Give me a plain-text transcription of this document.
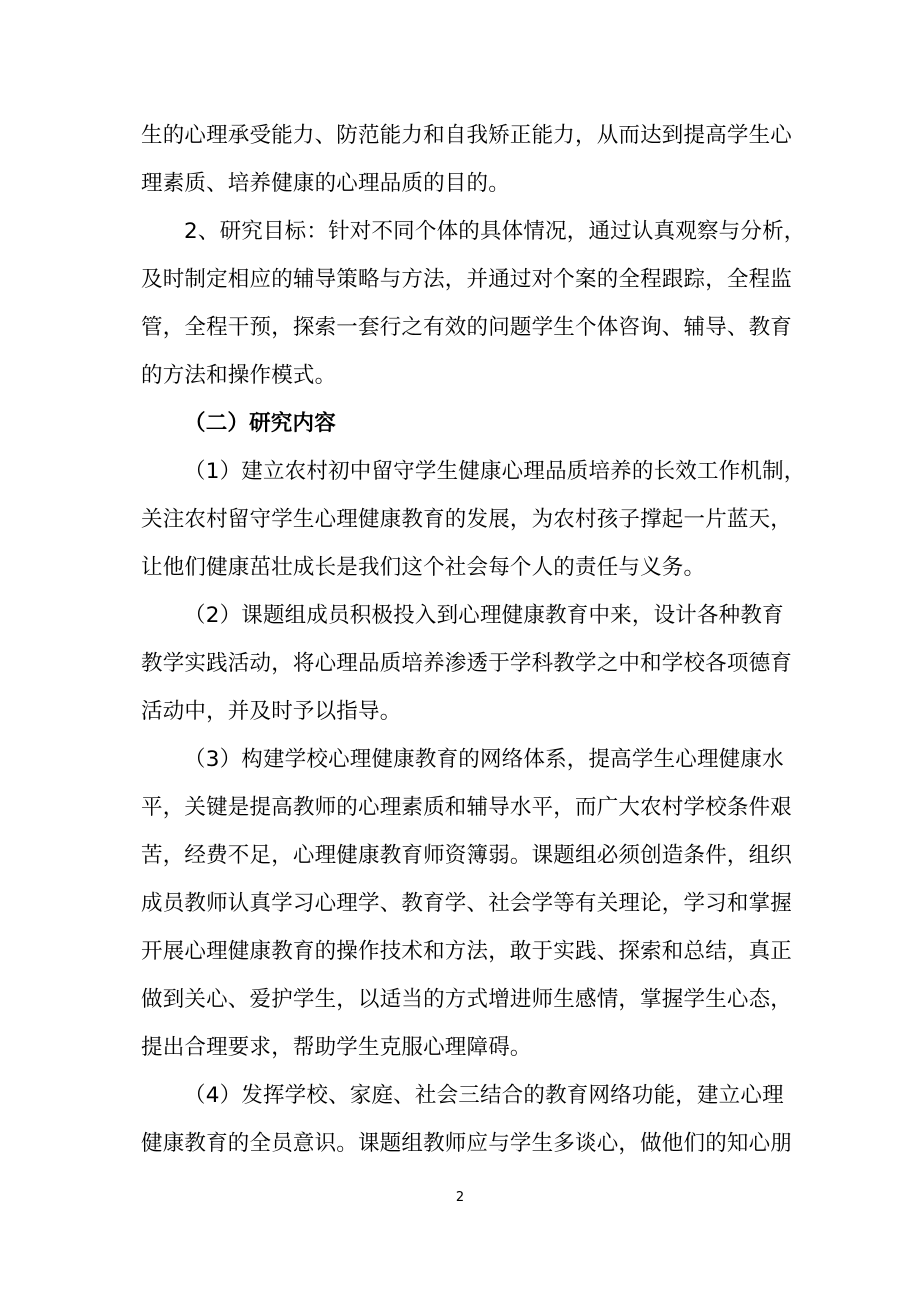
生的心理承受能力、防范能力和自我矫正能力，从而达到提高学生心
理素质、培养健康的心理品质的目的。
2、研究目标：针对不同个体的具体情况，通过认真观察与分析，
及时制定相应的辅导策略与方法，并通过对个案的全程跟踪，全程监
管，全程干预，探索一套行之有效的问题学生个体咨询、辅导、教育
的方法和操作模式。
（二）研究内容
（1）建立农村初中留守学生健康心理品质培养的长效工作机制，
关注农村留守学生心理健康教育的发展，为农村孩子撑起一片蓝天，
让他们健康茁壮成长是我们这个社会每个人的责任与义务。
（2）课题组成员积极投入到心理健康教育中来，设计各种教育
教学实践活动，将心理品质培养渗透于学科教学之中和学校各项德育
活动中，并及时予以指导。
（3）构建学校心理健康教育的网络体系，提高学生心理健康水
平，关键是提高教师的心理素质和辅导水平，而广大农村学校条件艰
苦，经费不足，心理健康教育师资簿弱。课题组必须创造条件，组织
成员教师认真学习心理学、教育学、社会学等有关理论，学习和掌握
开展心理健康教育的操作技术和方法，敢于实践、探索和总结，真正
做到关心、爱护学生，以适当的方式增进师生感情，掌握学生心态，
提出合理要求，帮助学生克服心理障碍。
（4）发挥学校、家庭、社会三结合的教育网络功能，建立心理
健康教育的全员意识。课题组教师应与学生多谈心，做他们的知心朋
2
